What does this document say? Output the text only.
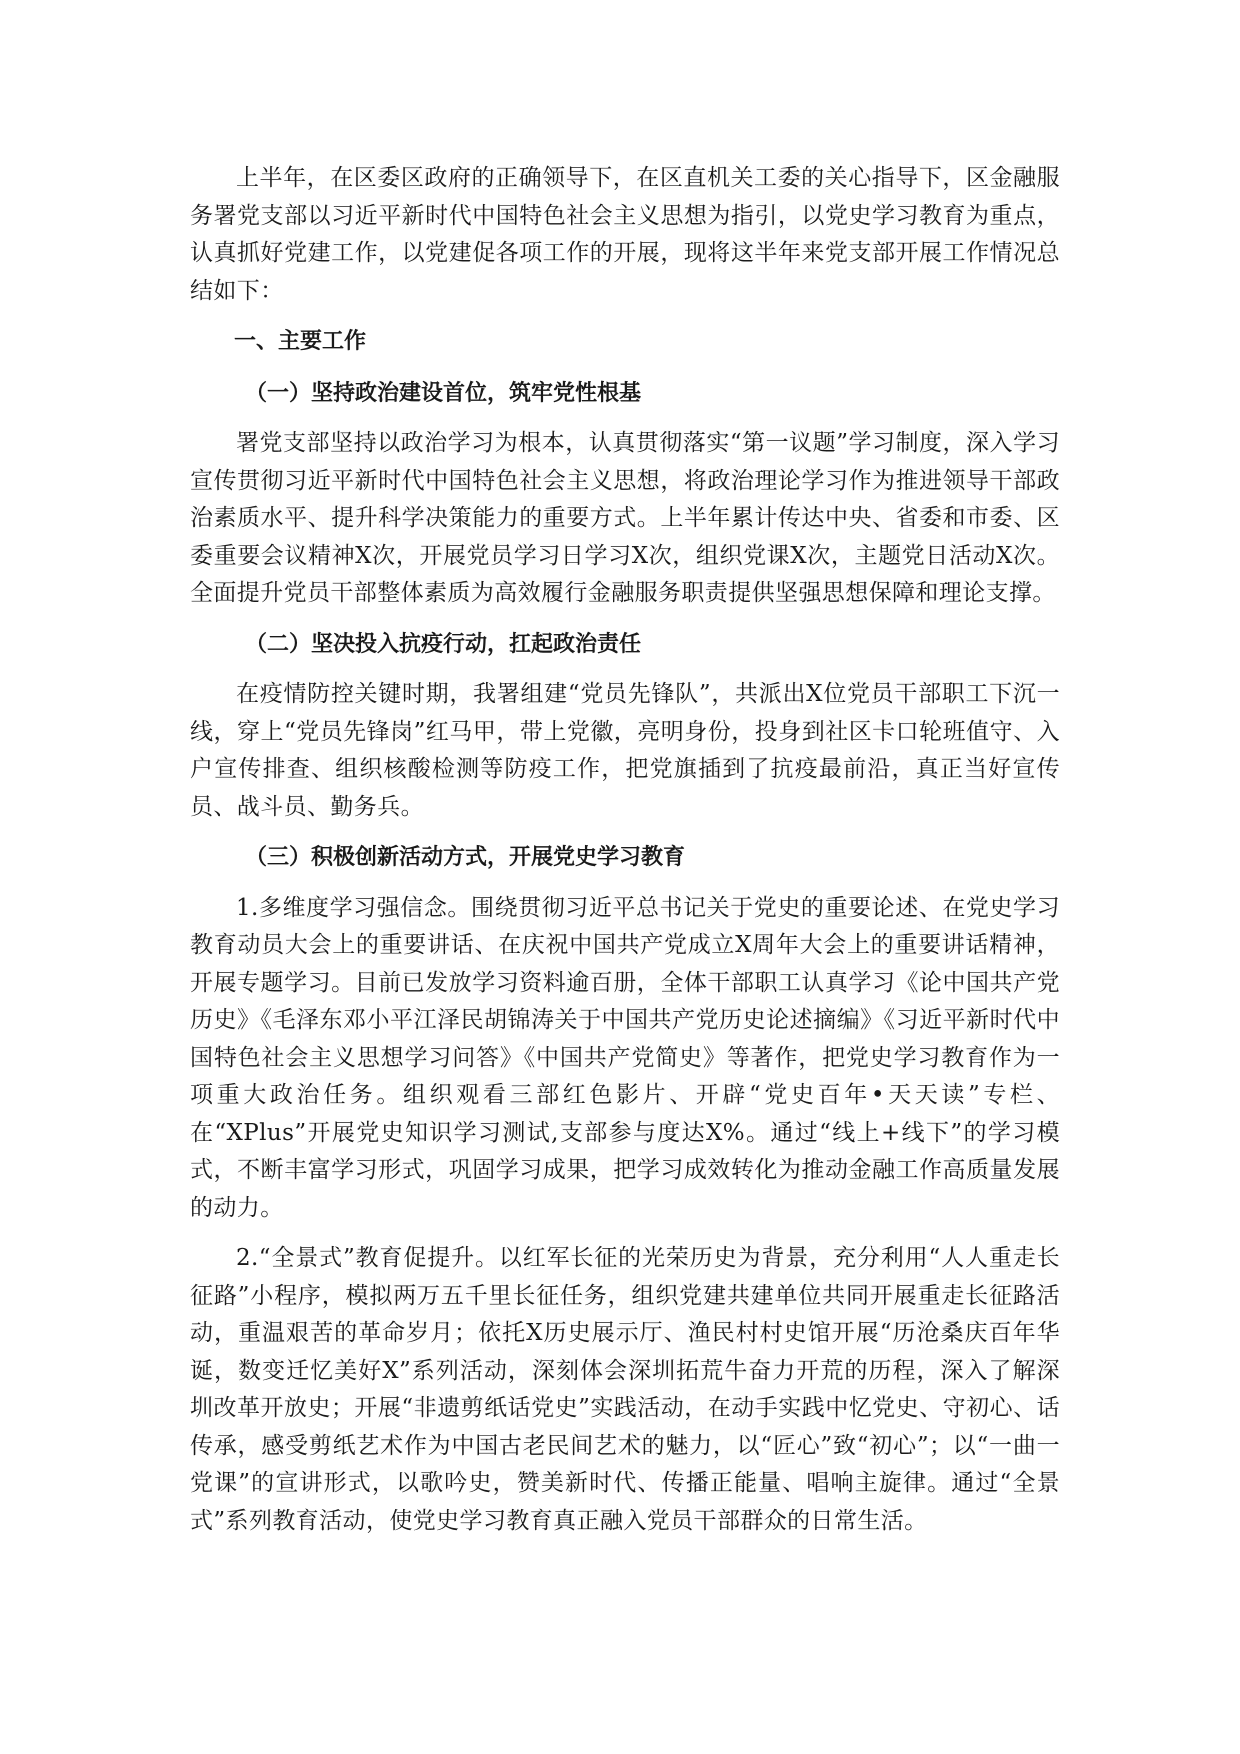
上半年，在区委区政府的正确领导下，在区直机关工委的关心指导下，区金融服务署党支部以习近平新时代中国特色社会主义思想为指引，以党史学习教育为重点，认真抓好党建工作，以党建促各项工作的开展，现将这半年来党支部开展工作情况总结如下：

一、主要工作
（一）坚持政治建设首位，筑牢党性根基

署党支部坚持以政治学习为根本，认真贯彻落实“第一议题”学习制度，深入学习宣传贯彻习近平新时代中国特色社会主义思想，将政治理论学习作为推进领导干部政治素质水平、提升科学决策能力的重要方式。上半年累计传达中央、省委和市委、区委重要会议精神X次，开展党员学习日学习X次，组织党课X次，主题党日活动X次。全面提升党员干部整体素质为高效履行金融服务职责提供坚强思想保障和理论支撑。

（二）坚决投入抗疫行动，扛起政治责任

在疫情防控关键时期，我署组建“党员先锋队”，共派出X位党员干部职工下沉一线，穿上“党员先锋岗”红马甲，带上党徽，亮明身份，投身到社区卡口轮班值守、入户宣传排查、组织核酸检测等防疫工作，把党旗插到了抗疫最前沿，真正当好宣传员、战斗员、勤务兵。

（三）积极创新活动方式，开展党史学习教育

1.多维度学习强信念。围绕贯彻习近平总书记关于党史的重要论述、在党史学习教育动员大会上的重要讲话、在庆祝中国共产党成立X周年大会上的重要讲话精神，开展专题学习。目前已发放学习资料逾百册，全体干部职工认真学习《论中国共产党历史》《毛泽东邓小平江泽民胡锦涛关于中国共产党历史论述摘编》《习近平新时代中国特色社会主义思想学习问答》《中国共产党简史》等著作，把党史学习教育作为一项重大政治任务。组织观看三部红色影片、开辟“党史百年•天天读”专栏、在“XPlus”开展党史知识学习测试,支部参与度达X%。通过“线上+线下”的学习模式，不断丰富学习形式，巩固学习成果，把学习成效转化为推动金融工作高质量发展的动力。

2.“全景式”教育促提升。以红军长征的光荣历史为背景，充分利用“人人重走长征路”小程序，模拟两万五千里长征任务，组织党建共建单位共同开展重走长征路活动，重温艰苦的革命岁月；依托X历史展示厅、渔民村村史馆开展“历沧桑庆百年华诞，数变迁忆美好X”系列活动，深刻体会深圳拓荒牛奋力开荒的历程，深入了解深圳改革开放史；开展“非遗剪纸话党史”实践活动，在动手实践中忆党史、守初心、话传承，感受剪纸艺术作为中国古老民间艺术的魅力，以“匠心”致“初心”；以“一曲一党课”的宣讲形式，以歌吟史，赞美新时代、传播正能量、唱响主旋律。通过“全景式”系列教育活动，使党史学习教育真正融入党员干部群众的日常生活。
